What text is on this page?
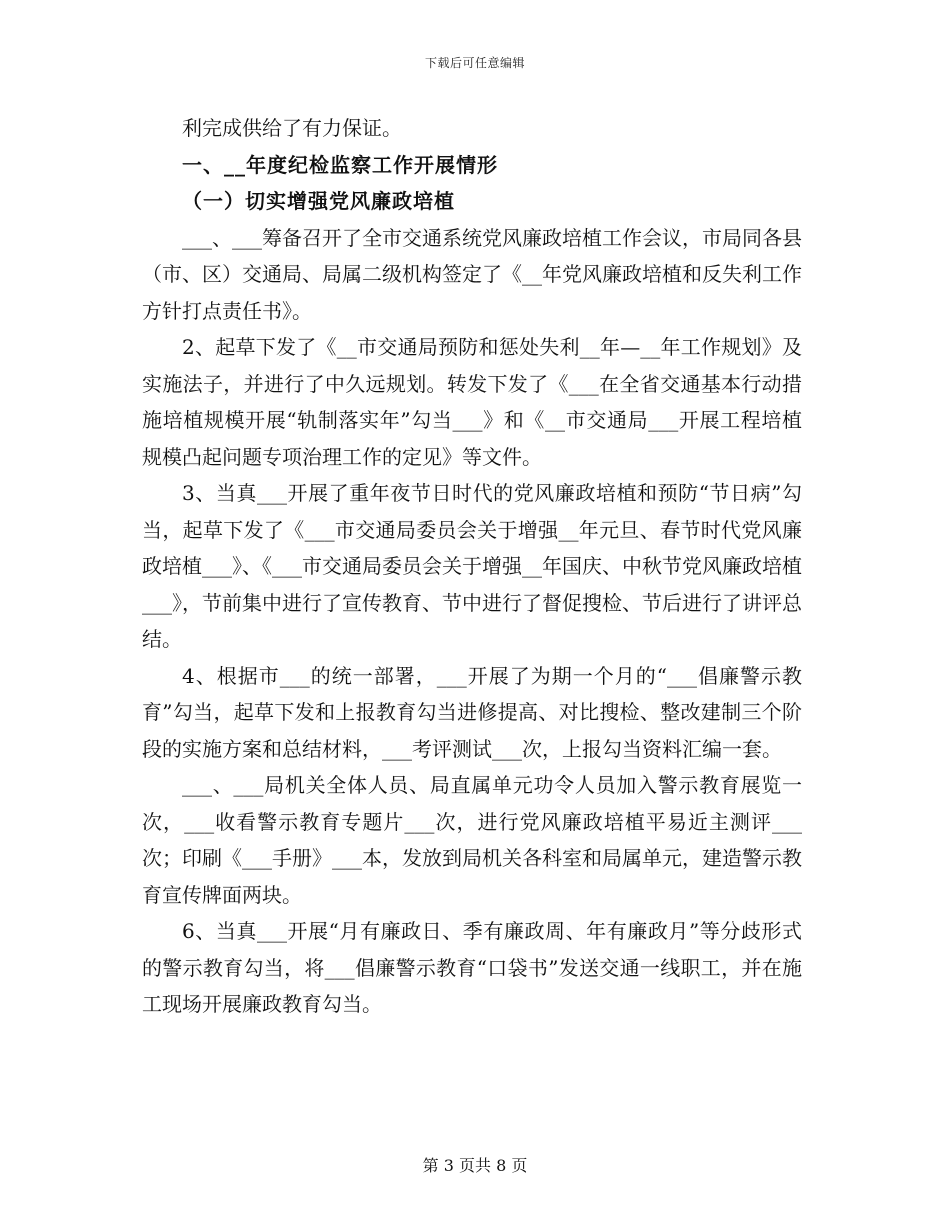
下载后可任意编辑

利完成供给了有力保证。

一、__年度纪检监察工作开展情形

（一）切实增强党风廉政培植

___、___筹备召开了全市交通系统党风廉政培植工作会议，市局同各县（市、区）交通局、局属二级机构签定了《__年党风廉政培植和反失利工作方针打点责任书》。

2、起草下发了《__市交通局预防和惩处失利__年—__年工作规划》及实施法子，并进行了中久远规划。转发下发了《___在全省交通基本行动措施培植规模开展“轨制落实年”勾当___》和《__市交通局___开展工程培植规模凸起问题专项治理工作的定见》等文件。

3、当真___开展了重年夜节日时代的党风廉政培植和预防“节日病”勾当，起草下发了《___市交通局委员会关于增强__年元旦、春节时代党风廉政培植___》、《___市交通局委员会关于增强__年国庆、中秋节党风廉政培植___》，节前集中进行了宣传教育、节中进行了督促搜检、节后进行了讲评总结。

4、根据市___的统一部署，___开展了为期一个月的“___倡廉警示教育”勾当，起草下发和上报教育勾当进修提高、对比搜检、整改建制三个阶段的实施方案和总结材料，___考评测试___次，上报勾当资料汇编一套。

___、___局机关全体人员、局直属单元功令人员加入警示教育展览一次，___收看警示教育专题片___次，进行党风廉政培植平易近主测评___次；印刷《___手册》___本，发放到局机关各科室和局属单元，建造警示教育宣传牌面两块。

6、当真___开展“月有廉政日、季有廉政周、年有廉政月”等分歧形式的警示教育勾当，将___倡廉警示教育“口袋书”发送交通一线职工，并在施工现场开展廉政教育勾当。

第 3 页共 8 页
